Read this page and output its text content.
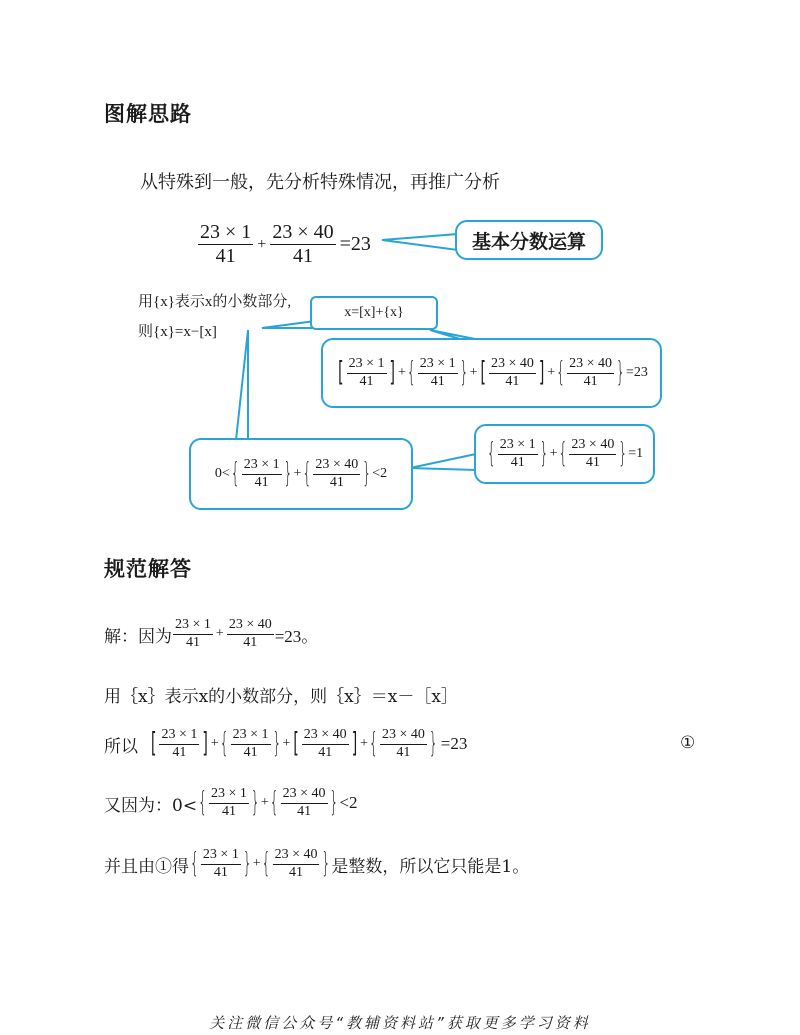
图解思路
从特殊到一般，先分析特殊情况，再推广分析
$\frac{23 \times 1}{41} + \frac{23 \times 40}{41} =23$	基本分数运算
用{x}表示x的小数部分,
则{x}=x−[x]
x=[x]+{x}
[ $\frac{23 \times 1}{41}$ ] + { $\frac{23 \times 1}{41}$ } + [ $\frac{23 \times 40}{41}$ ] + { $\frac{23 \times 40}{41}$ } =23
0< { $\frac{23 \times 1}{41}$ } + { $\frac{23 \times 40}{41}$ } <2
{ $\frac{23 \times 1}{41}$ } + { $\frac{23 \times 40}{41}$ } =1
规范解答
解：因为 $\frac{23 \times 1}{41} + \frac{23 \times 40}{41} =23$。
用｛x｝表示x的小数部分，则｛x｝＝x－［x］
所以 [ $\frac{23 \times 1}{41}$ ] + { $\frac{23 \times 1}{41}$ } + [ $\frac{23 \times 40}{41}$ ] + { $\frac{23 \times 40}{41}$ } =23	①
又因为：0< { $\frac{23 \times 1}{41}$ } + { $\frac{23 \times 40}{41}$ } <2
并且由①得 { $\frac{23 \times 1}{41}$ } + { $\frac{23 \times 40}{41}$ } 是整数，所以它只能是1。
关注微信公众号“教辅资料站”获取更多学习资料
